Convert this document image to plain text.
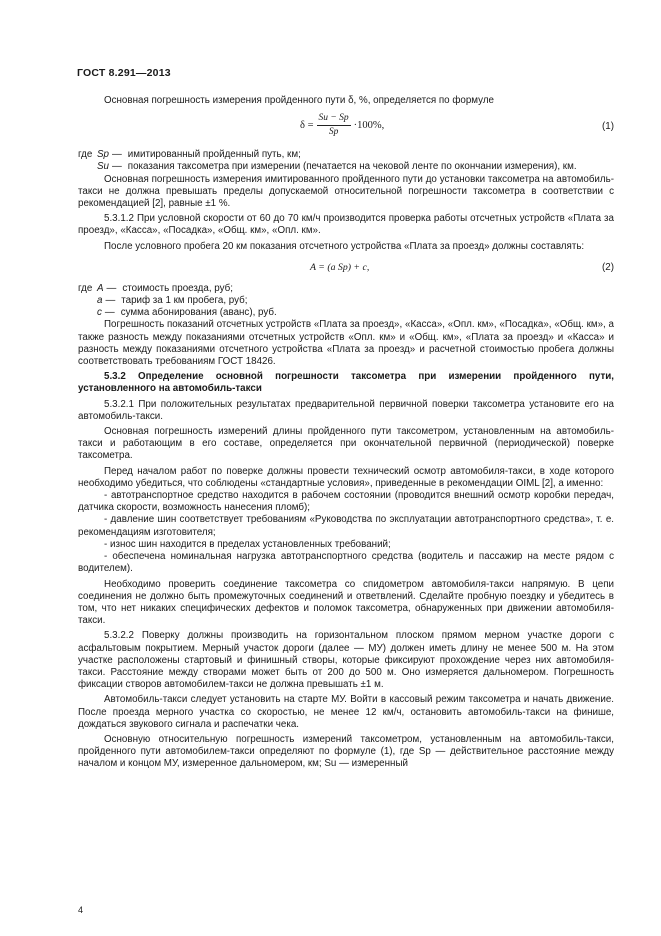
ГОСТ 8.291—2013

Основная погрешность измерения пройденного пути δ, %, определяется по формуле

$\delta = \frac{Su - Sp}{Sp} \cdot 100\%$,	(1)
где Sp — имитированный пройденный путь, км;
Su — показания таксометра при измерении (печатается на чековой ленте по окончании измерения), км.

Основная погрешность измерения имитированного пройденного пути до установки таксометра на автомобиль-такси не должна превышать пределы допускаемой относительной погрешности таксометра в соответствии с рекомендацией [2], равные ±1 %.

5.3.1.2 При условной скорости от 60 до 70 км/ч производится проверка работы отсчетных устройств «Плата за проезд», «Касса», «Посадка», «Общ. км», «Опл. км».

После условного пробега 20 км показания отсчетного устройства «Плата за проезд» должны составлять:

A = (a Sp) + c,	(2)
где A — стоимость проезда, руб;
a — тариф за 1 км пробега, руб;
c — сумма абонирования (аванс), руб.

Погрешность показаний отсчетных устройств «Плата за проезд», «Касса», «Опл. км», «Посадка», «Общ. км», а также разность между показаниями отсчетных устройств «Опл. км» и «Общ. км», «Плата за проезд» и «Касса» и разность между показаниями отсчетного устройства «Плата за проезд» и расчетной стоимостью пробега должны соответствовать требованиям ГОСТ 18426.

5.3.2 Определение основной погрешности таксометра при измерении пройденного пути, установленного на автомобиль-такси

5.3.2.1 При положительных результатах предварительной первичной поверки таксометра установите его на автомобиль-такси.

Основная погрешность измерений длины пройденного пути таксометром, установленным на автомобиль-такси и работающим в его составе, определяется при окончательной первичной (периодической) поверке таксометра.

Перед началом работ по поверке должны провести технический осмотр автомобиля-такси, в ходе которого необходимо убедиться, что соблюдены «стандартные условия», приведенные в рекомендации OIML [2], а именно:

- автотранспортное средство находится в рабочем состоянии (проводится внешний осмотр коробки передач, датчика скорости, возможность нанесения пломб);

- давление шин соответствует требованиям «Руководства по эксплуатации автотранспортного средства», т. е. рекомендациям изготовителя;

- износ шин находится в пределах установленных требований;

- обеспечена номинальная нагрузка автотранспортного средства (водитель и пассажир на месте рядом с водителем).

Необходимо проверить соединение таксометра со спидометром автомобиля-такси напрямую. В цепи соединения не должно быть промежуточных соединений и ответвлений. Сделайте пробную поездку и убедитесь в том, что нет никаких специфических дефектов и поломок таксометра, обнаруженных при движении автомобиля-такси.

5.3.2.2 Поверку должны производить на горизонтальном плоском прямом мерном участке дороги с асфальтовым покрытием. Мерный участок дороги (далее — МУ) должен иметь длину не менее 500 м. На этом участке расположены стартовый и финишный створы, которые фиксируют прохождение через них автомобиля-такси. Расстояние между створами может быть от 200 до 500 м. Оно измеряется дальномером. Погрешность фиксации створов автомобилем-такси не должна превышать ±1 м.

Автомобиль-такси следует установить на старте МУ. Войти в кассовый режим таксометра и начать движение. После проезда мерного участка со скоростью, не менее 12 км/ч, остановить автомобиль-такси на финише, дождаться звукового сигнала и распечатки чека.

Основную относительную погрешность измерений таксометром, установленным на автомобиль-такси, пройденного пути автомобилем-такси определяют по формуле (1), где Sp — действительное расстояние между началом и концом МУ, измеренное дальномером, км; Su — измеренный

4
